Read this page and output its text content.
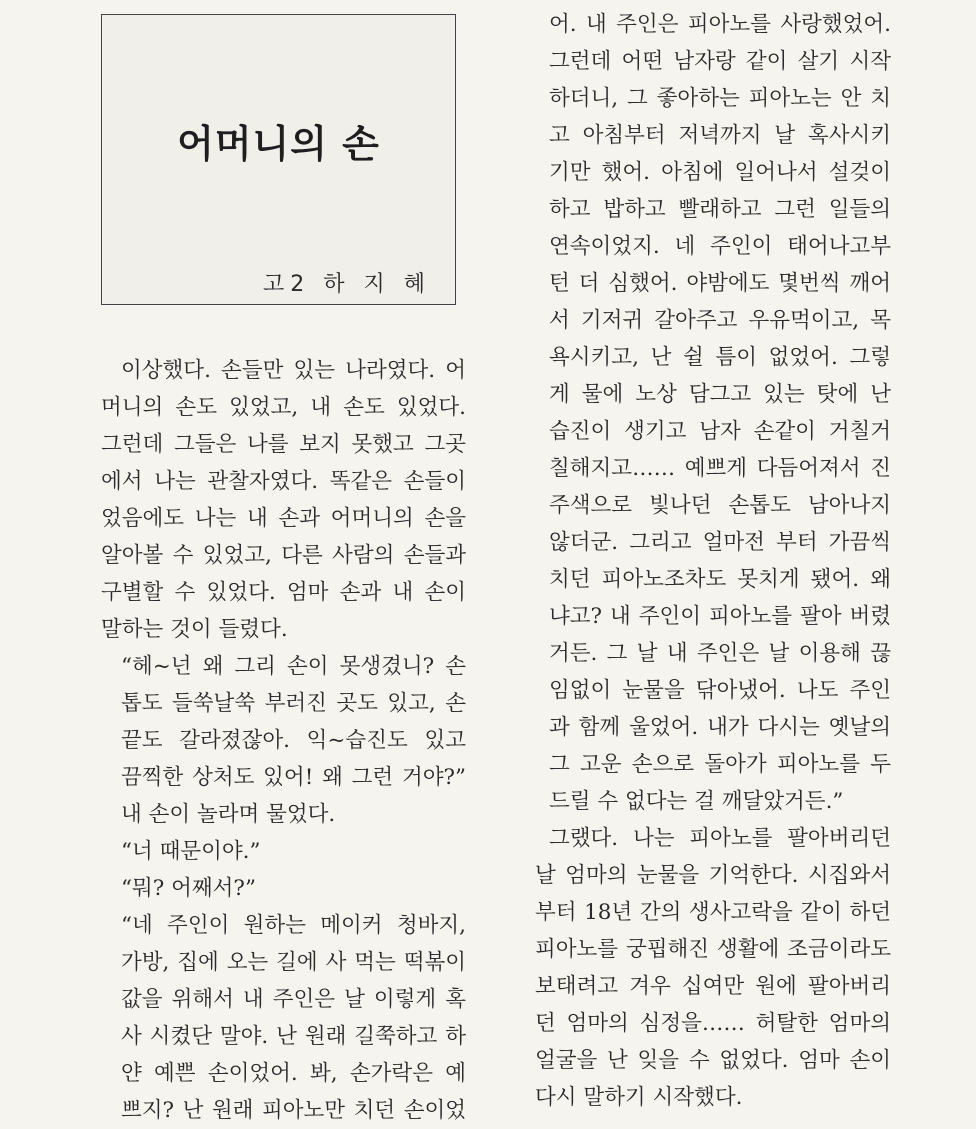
어머니의 손
고2 하 지 혜
이상했다. 손들만 있는 나라였다. 어
머니의 손도 있었고, 내 손도 있었다.
그런데 그들은 나를 보지 못했고 그곳
에서 나는 관찰자였다. 똑같은 손들이
었음에도 나는 내 손과 어머니의 손을
알아볼 수 있었고, 다른 사람의 손들과
구별할 수 있었다. 엄마 손과 내 손이
말하는 것이 들렸다.
“헤~넌 왜 그리 손이 못생겼니? 손
톱도 들쑥날쑥 부러진 곳도 있고, 손
끝도 갈라졌잖아. 익~습진도 있고
끔찍한 상처도 있어! 왜 그런 거야?”
내 손이 놀라며 물었다.
“너 때문이야.”
“뭐? 어째서?”
“네 주인이 원하는 메이커 청바지,
가방, 집에 오는 길에 사 먹는 떡볶이
값을 위해서 내 주인은 날 이렇게 혹
사 시켰단 말야. 난 원래 길쭉하고 하
얀 예쁜 손이었어. 봐, 손가락은 예
쁘지? 난 원래 피아노만 치던 손이었
어. 내 주인은 피아노를 사랑했었어.
그런데 어떤 남자랑 같이 살기 시작
하더니, 그 좋아하는 피아노는 안 치
고 아침부터 저녁까지 날 혹사시키
기만 했어. 아침에 일어나서 설겆이
하고 밥하고 빨래하고 그런 일들의
연속이었지. 네 주인이 태어나고부
턴 더 심했어. 야밤에도 몇번씩 깨어
서 기저귀 갈아주고 우유먹이고, 목
욕시키고, 난 쉴 틈이 없었어. 그렇
게 물에 노상 담그고 있는 탓에 난
습진이 생기고 남자 손같이 거칠거
칠해지고…… 예쁘게 다듬어져서 진
주색으로 빛나던 손톱도 남아나지
않더군. 그리고 얼마전 부터 가끔씩
치던 피아노조차도 못치게 됐어. 왜
냐고? 내 주인이 피아노를 팔아 버렸
거든. 그 날 내 주인은 날 이용해 끊
임없이 눈물을 닦아냈어. 나도 주인
과 함께 울었어. 내가 다시는 옛날의
그 고운 손으로 돌아가 피아노를 두
드릴 수 없다는 걸 깨달았거든.”
그랬다. 나는 피아노를 팔아버리던
날 엄마의 눈물을 기억한다. 시집와서
부터 18년 간의 생사고락을 같이 하던
피아노를 궁핍해진 생활에 조금이라도
보태려고 겨우 십여만 원에 팔아버리
던 엄마의 심정을…… 허탈한 엄마의
얼굴을 난 잊을 수 없었다. 엄마 손이
다시 말하기 시작했다.
